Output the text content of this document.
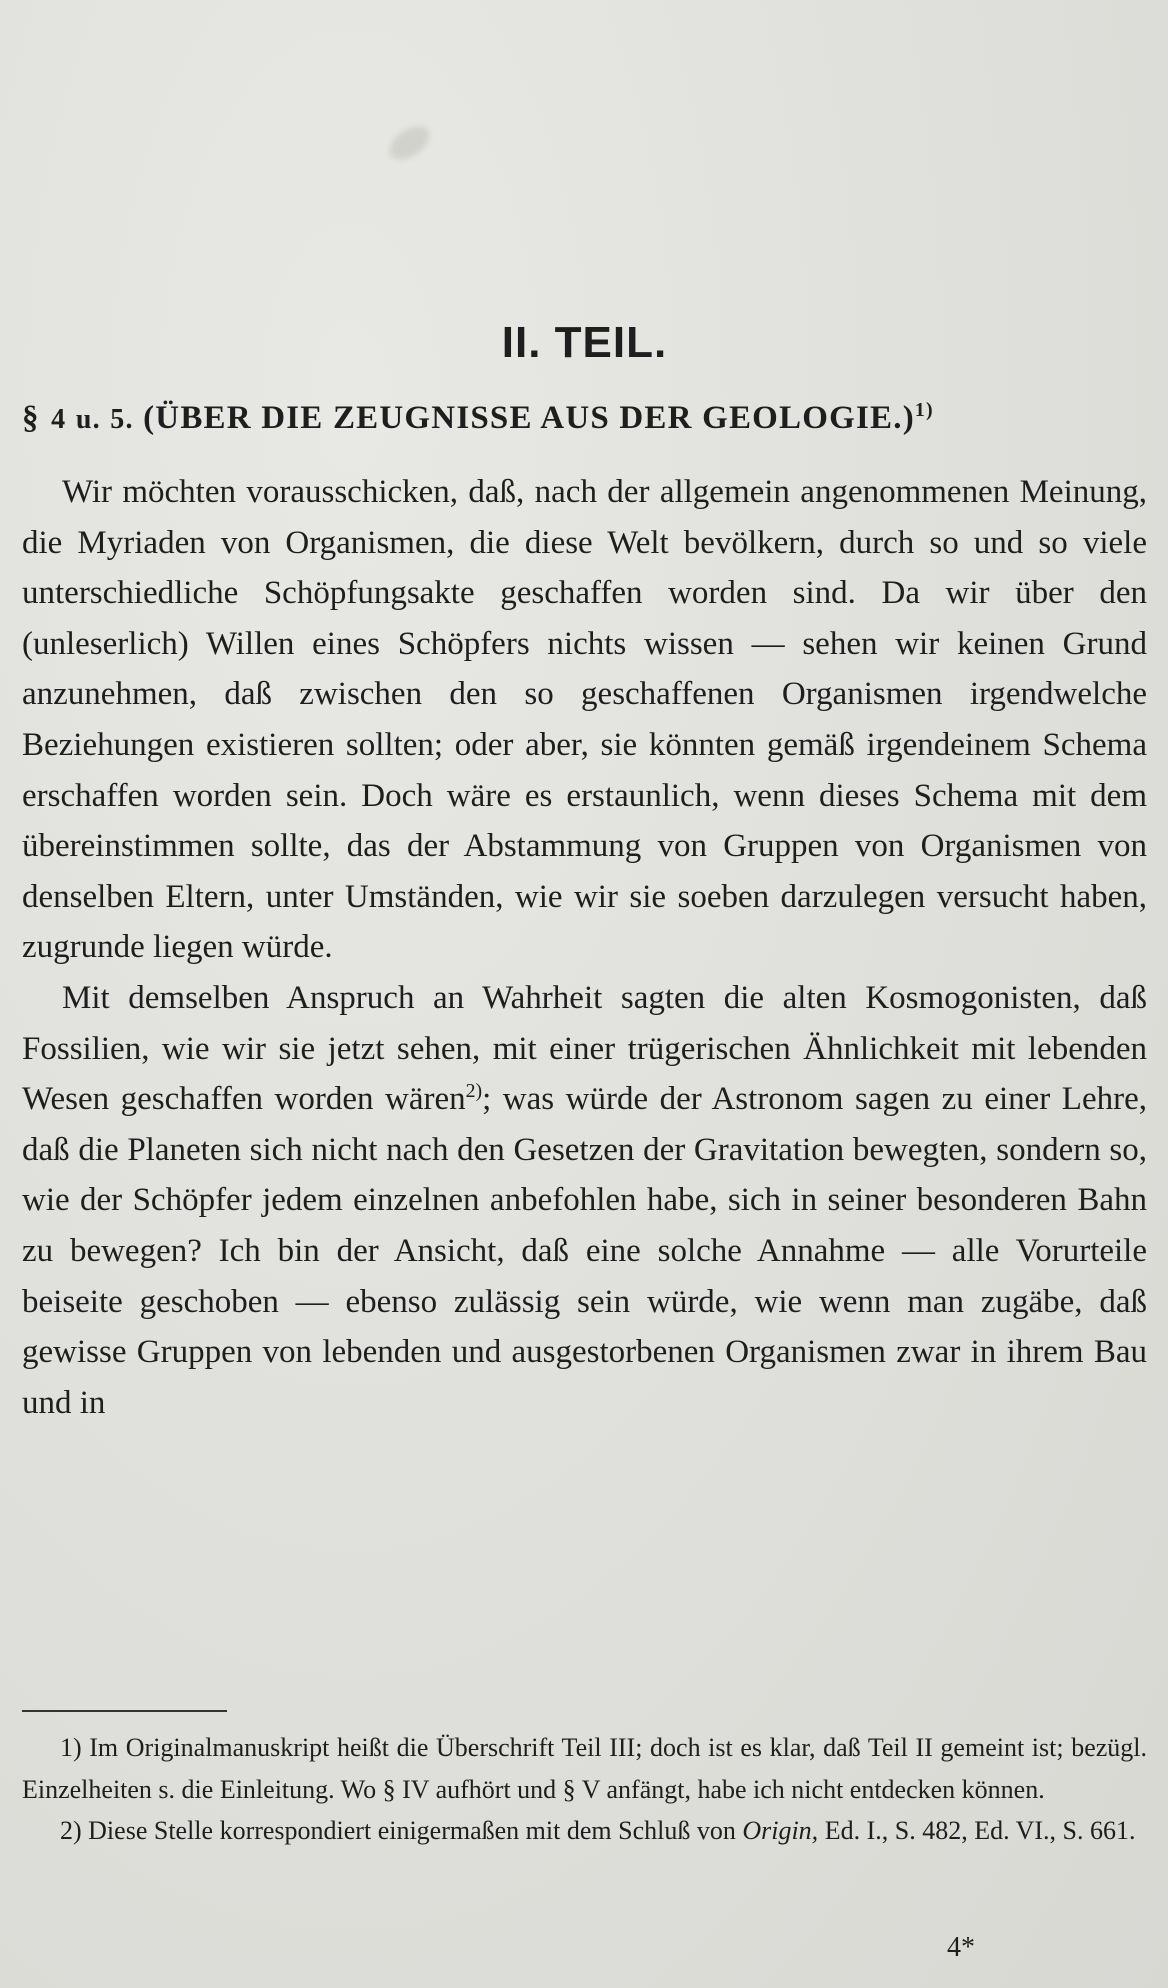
II. TEIL.
§ 4 u. 5. (ÜBER DIE ZEUGNISSE AUS DER GEOLOGIE.)$^{1)}$

Wir möchten vorausschicken, daß, nach der allgemein angenommenen Meinung, die Myriaden von Organismen, die diese Welt bevölkern, durch so und so viele unterschiedliche Schöpfungsakte geschaffen worden sind. Da wir über den (unleserlich) Willen eines Schöpfers nichts wissen — sehen wir keinen Grund anzunehmen, daß zwischen den so geschaffenen Organismen irgendwelche Beziehungen existieren sollten; oder aber, sie könnten gemäß irgendeinem Schema erschaffen worden sein. Doch wäre es erstaunlich, wenn dieses Schema mit dem übereinstimmen sollte, das der Abstammung von Gruppen von Organismen von denselben Eltern, unter Umständen, wie wir sie soeben darzulegen versucht haben, zugrunde liegen würde.

Mit demselben Anspruch an Wahrheit sagten die alten Kosmogonisten, daß Fossilien, wie wir sie jetzt sehen, mit einer trügerischen Ähnlichkeit mit lebenden Wesen geschaffen worden wären$^{2)}$; was würde der Astronom sagen zu einer Lehre, daß die Planeten sich nicht nach den Gesetzen der Gravitation bewegten, sondern so, wie der Schöpfer jedem einzelnen anbefohlen habe, sich in seiner besonderen Bahn zu bewegen? Ich bin der Ansicht, daß eine solche Annahme — alle Vorurteile beiseite geschoben — ebenso zulässig sein würde, wie wenn man zugäbe, daß gewisse Gruppen von lebenden und ausgestorbenen Organismen zwar in ihrem Bau und in

1) Im Originalmanuskript heißt die Überschrift Teil III; doch ist es klar, daß Teil II gemeint ist; bezügl. Einzelheiten s. die Einleitung. Wo § IV aufhört und § V anfängt, habe ich nicht entdecken können.

2) Diese Stelle korrespondiert einigermaßen mit dem Schluß von Origin, Ed. I., S. 482, Ed. VI., S. 661.

4*
